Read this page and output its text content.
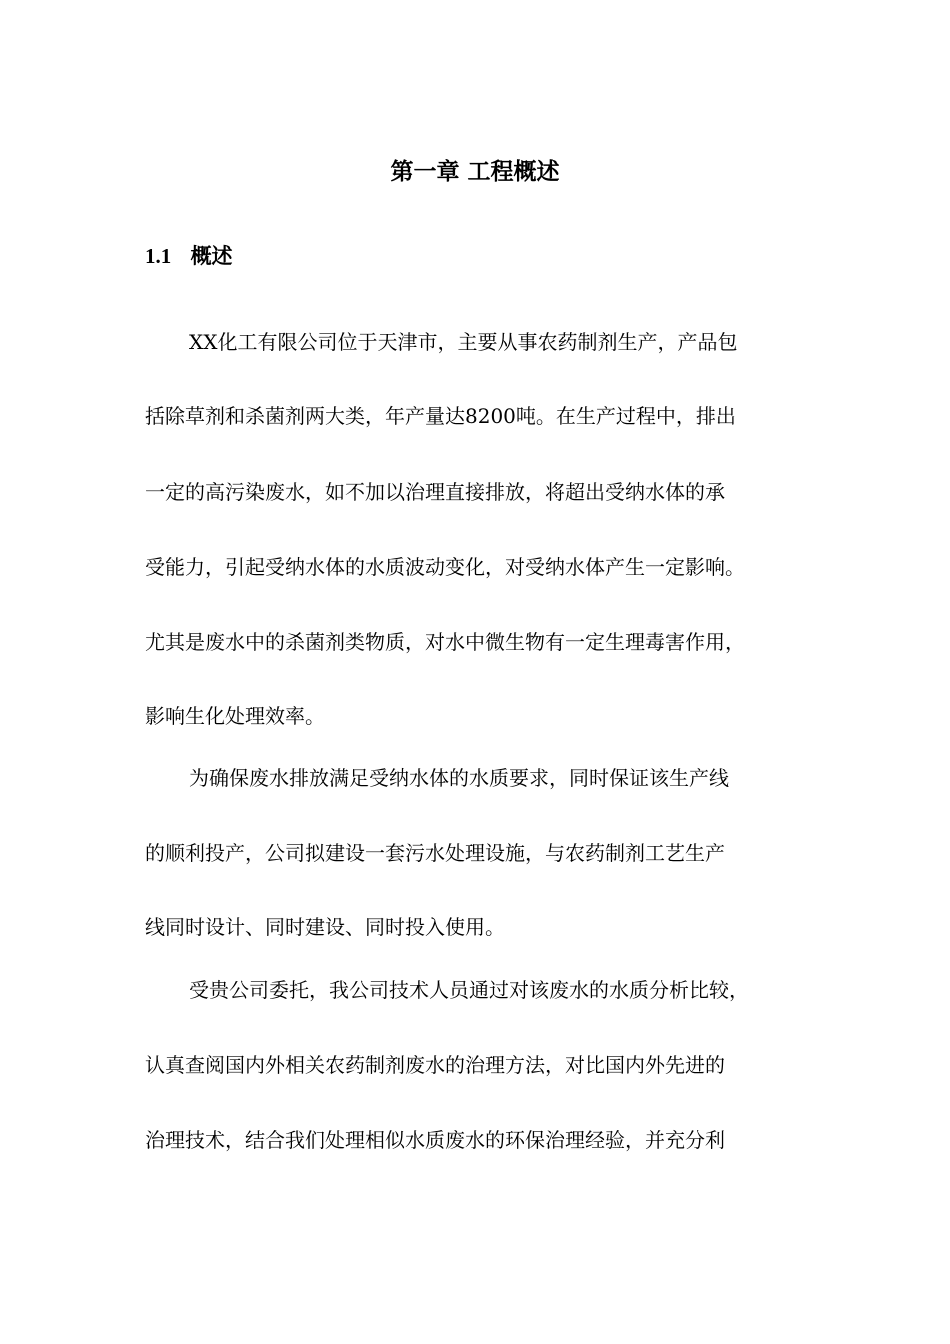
第一章 工程概述
1.1 概述

XX化工有限公司位于天津市，主要从事农药制剂生产，产品包

括除草剂和杀菌剂两大类，年产量达8200吨。在生产过程中，排出

一定的高污染废水，如不加以治理直接排放，将超出受纳水体的承

受能力，引起受纳水体的水质波动变化，对受纳水体产生一定影响。

尤其是废水中的杀菌剂类物质，对水中微生物有一定生理毒害作用，

影响生化处理效率。

为确保废水排放满足受纳水体的水质要求，同时保证该生产线

的顺利投产，公司拟建设一套污水处理设施，与农药制剂工艺生产

线同时设计、同时建设、同时投入使用。

受贵公司委托，我公司技术人员通过对该废水的水质分析比较，

认真查阅国内外相关农药制剂废水的治理方法，对比国内外先进的

治理技术，结合我们处理相似水质废水的环保治理经验，并充分利
